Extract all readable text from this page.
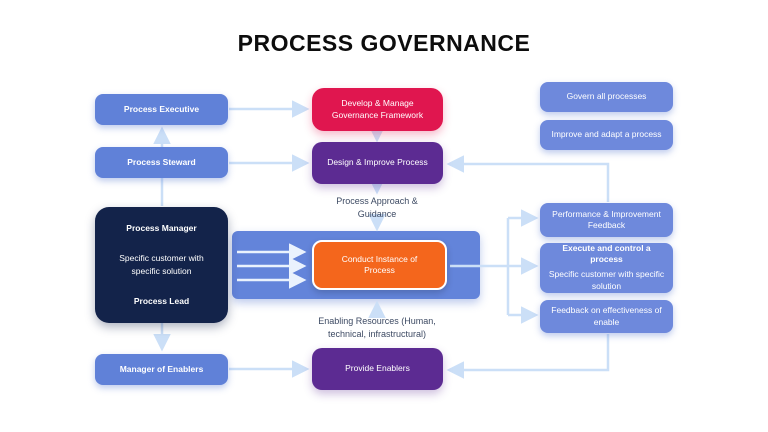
PROCESS GOVERNANCE
Process Executive
Process Steward
Process Manager
Specific customer with specific solution
Process Lead
Manager of Enablers
Develop & Manage Governance Framework
Design & Improve Process
Process Approach & Guidance
Conduct Instance of Process
Enabling Resources (Human, technical, infrastructural)
Provide Enablers
Govern all processes
Improve and adapt a process
Performance & Improvement Feedback
Execute and control a process
Specific customer with specific solution
Feedback on effectiveness of enable
